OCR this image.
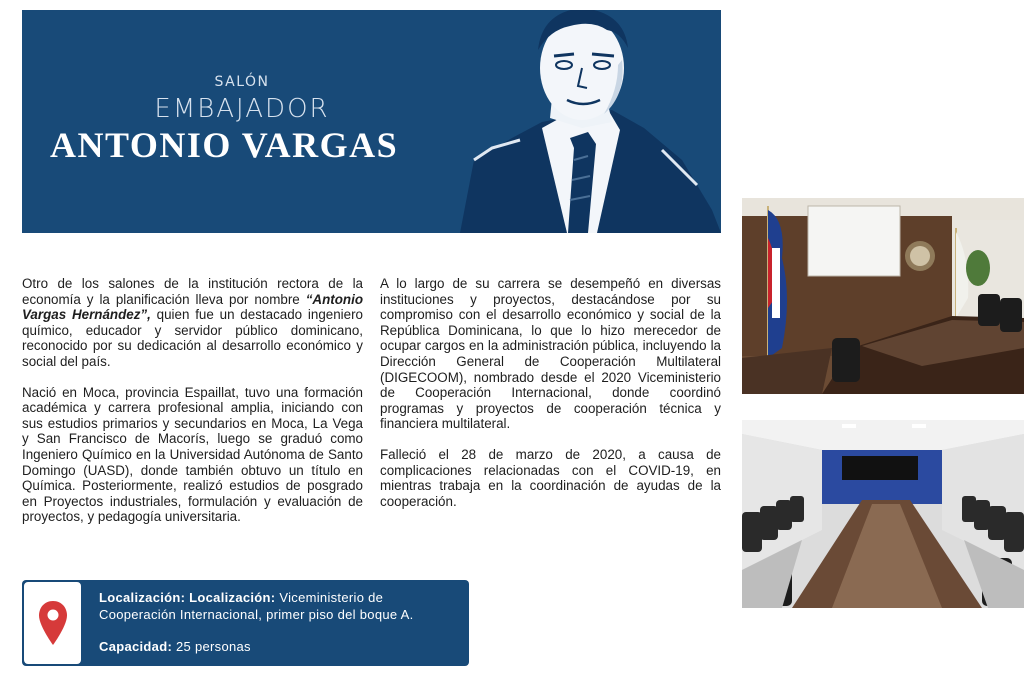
SALÓN
EMBAJADOR
ANTONIO VARGAS

Otro de los salones de la institución rectora de la economía y la planificación lleva por nombre “Antonio Vargas Hernández”, quien fue un destacado ingeniero químico, educador y servidor público dominicano, reconocido por su dedicación al desarrollo económico y social del país.

Nació en Moca, provincia Espaillat, tuvo una formación académica y carrera profesional amplia, iniciando con sus estudios primarios y secundarios en Moca, La Vega y San Francisco de Macorís, luego se graduó como Ingeniero Químico en la Universidad Autónoma de Santo Domingo (UASD), donde también obtuvo un título en Química. Posteriormente, realizó estudios de posgrado en Proyectos industriales, formulación y evaluación de proyectos, y pedagogía universitaria.

A lo largo de su carrera se desempeñó en diversas instituciones y proyectos, destacándose por su compromiso con el desarrollo económico y social de la República Dominicana, lo que lo hizo merecedor de ocupar cargos en la administración pública, incluyendo la Dirección General de Cooperación Multilateral (DIGECOOM), nombrado desde el 2020 Viceministerio de Cooperación Internacional, donde coordinó programas y proyectos de cooperación técnica y financiera multilateral.

Falleció el 28 de marzo de 2020, a causa de complicaciones relacionadas con el COVID-19, en mientras trabaja en la coordinación de ayudas de la cooperación.

Localización: Localización: Viceministerio de
Cooperación Internacional, primer piso del boque A.
Capacidad: 25 personas
